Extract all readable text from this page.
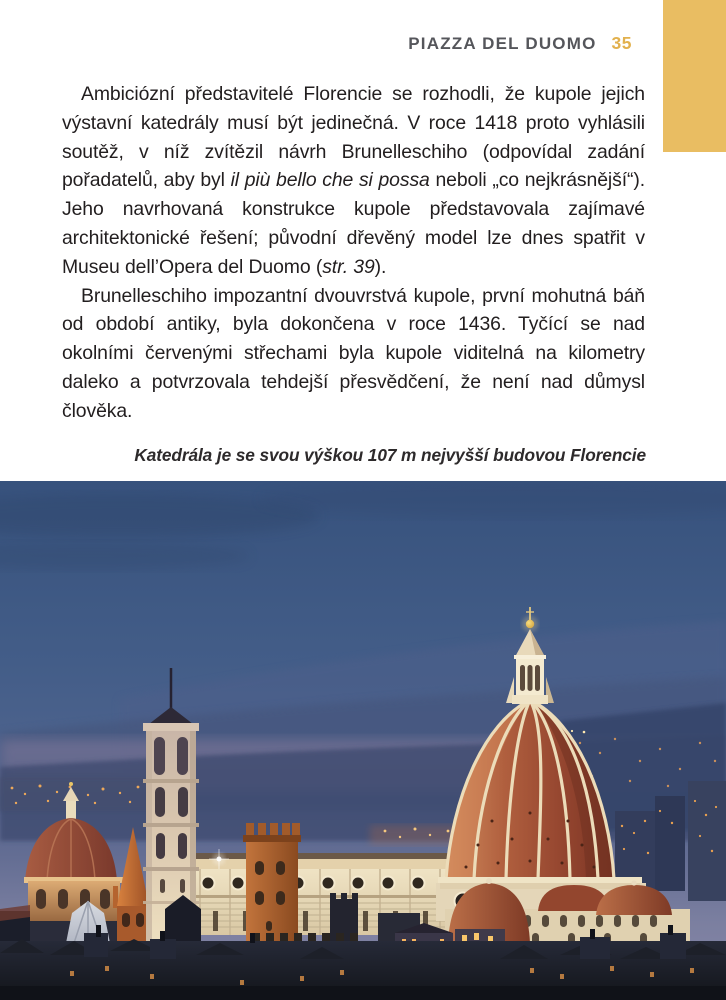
PIAZZA DEL DUOMO 35

Ambiciózní představitelé Florencie se rozhodli, že kupole jejich výstavní katedrály musí být jedinečná. V roce 1418 proto vyhlásili soutěž, v níž zvítězil návrh Brunelleschiho (odpovídal zadání pořadatelů, aby byl il più bello che si possa neboli „co nejkrásnější“). Jeho navrhovaná konstrukce kupole představovala zajímavé architektonické řešení; původní dřevěný model lze dnes spatřit v Museu dell’Opera del Duomo (str. 39).

Brunelleschiho impozantní dvouvrstvá kupole, první mohutná báň od období antiky, byla dokončena v roce 1436. Tyčící se nad okolními červenými střechami byla kupole viditelná na kilometry daleko a potvrzovala tehdejší přesvědčení, že není nad důmysl člověka.

Katedrála je se svou výškou 107 m nejvyšší budovou Florencie
